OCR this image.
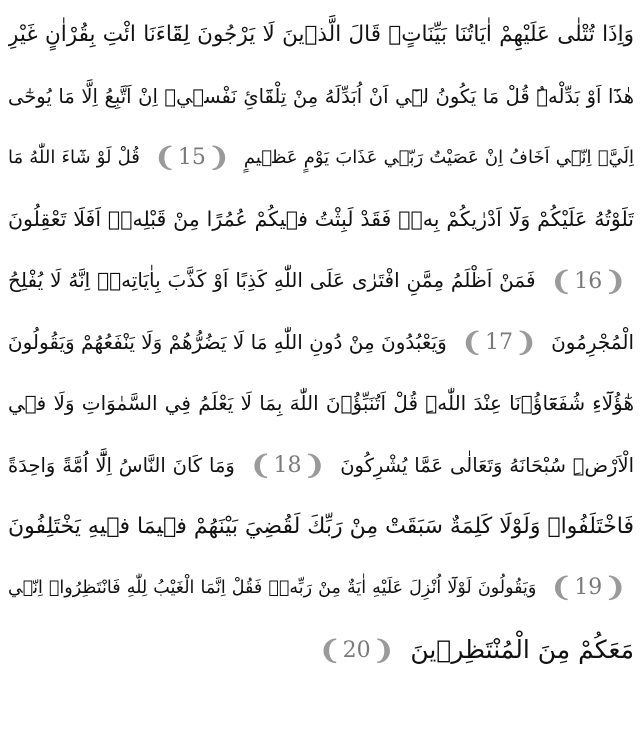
وَاِذَا تُتْلٰى عَلَيْهِمْ اٰيَاتُنَا بَيِّنَاتٍۙ قَالَ الَّذ۪ينَ لَا يَرْجُونَ لِقَٓاءَنَا ائْتِ بِقُرْاٰنٍ غَيْرِ
هٰذَٓا اَوْ بَدِّلْهُۜ قُلْ مَا يَكُونُ ل۪ٓي اَنْ اُبَدِّلَهُ مِنْ تِلْقَٓائِ نَفْس۪يۚ اِنْ اَتَّبِعُ اِلَّا مَا يُوحٰٓى
اِلَيَّۚ اِنّ۪ٓي اَخَافُ اِنْ عَصَيْتُ رَبّ۪ي عَذَابَ يَوْمٍ عَظ۪يمٍ
❨ 15 ❩
قُلْ لَوْ شَٓاءَ اللّٰهُ مَا
تَلَوْتُهُ عَلَيْكُمْ وَلَٓا اَدْرٰيكُمْ بِه۪ۘ فَقَدْ لَبِثْتُ ف۪يكُمْ عُمُرًا مِنْ قَبْلِه۪ۜ اَفَلَا تَعْقِلُونَ
❨ 16 ❩
فَمَنْ اَظْلَمُ مِمَّنِ افْتَرٰى عَلَى اللّٰهِ كَذِبًا اَوْ كَذَّبَ بِاٰيَاتِه۪ۜ اِنَّهُ لَا يُفْلِحُ
الْمُجْرِمُونَ
❨ 17 ❩
وَيَعْبُدُونَ مِنْ دُونِ اللّٰهِ مَا لَا يَضُرُّهُمْ وَلَا يَنْفَعُهُمْ وَيَقُولُونَ
هٰٓؤُلَٓاءِ شُفَعَٓاؤُ۬نَا عِنْدَ اللّٰهِۜ قُلْ اَتُنَبِّؤُ۫نَ اللّٰهَ بِمَا لَا يَعْلَمُ فِي السَّمٰوَاتِ وَلَا ف۪ي
الْاَرْضِۜ سُبْحَانَهُ وَتَعَالٰى عَمَّا يُشْرِكُونَ
❨ 18 ❩
وَمَا كَانَ النَّاسُ اِلَّٓا اُمَّةً وَاحِدَةً
فَاخْتَلَفُواۜ وَلَوْلَا كَلِمَةٌ سَبَقَتْ مِنْ رَبِّكَ لَقُضِيَ بَيْنَهُمْ ف۪يمَا ف۪يهِ يَخْتَلِفُونَ
❨ 19 ❩
وَيَقُولُونَ لَوْلَٓا اُنْزِلَ عَلَيْهِ اٰيَةٌ مِنْ رَبِّه۪ۚ فَقُلْ اِنَّمَا الْغَيْبُ لِلّٰهِ فَانْتَظِرُواۚ اِنّ۪ي
مَعَكُمْ مِنَ الْمُنْتَظِر۪ينَ
❨ 20 ❩
